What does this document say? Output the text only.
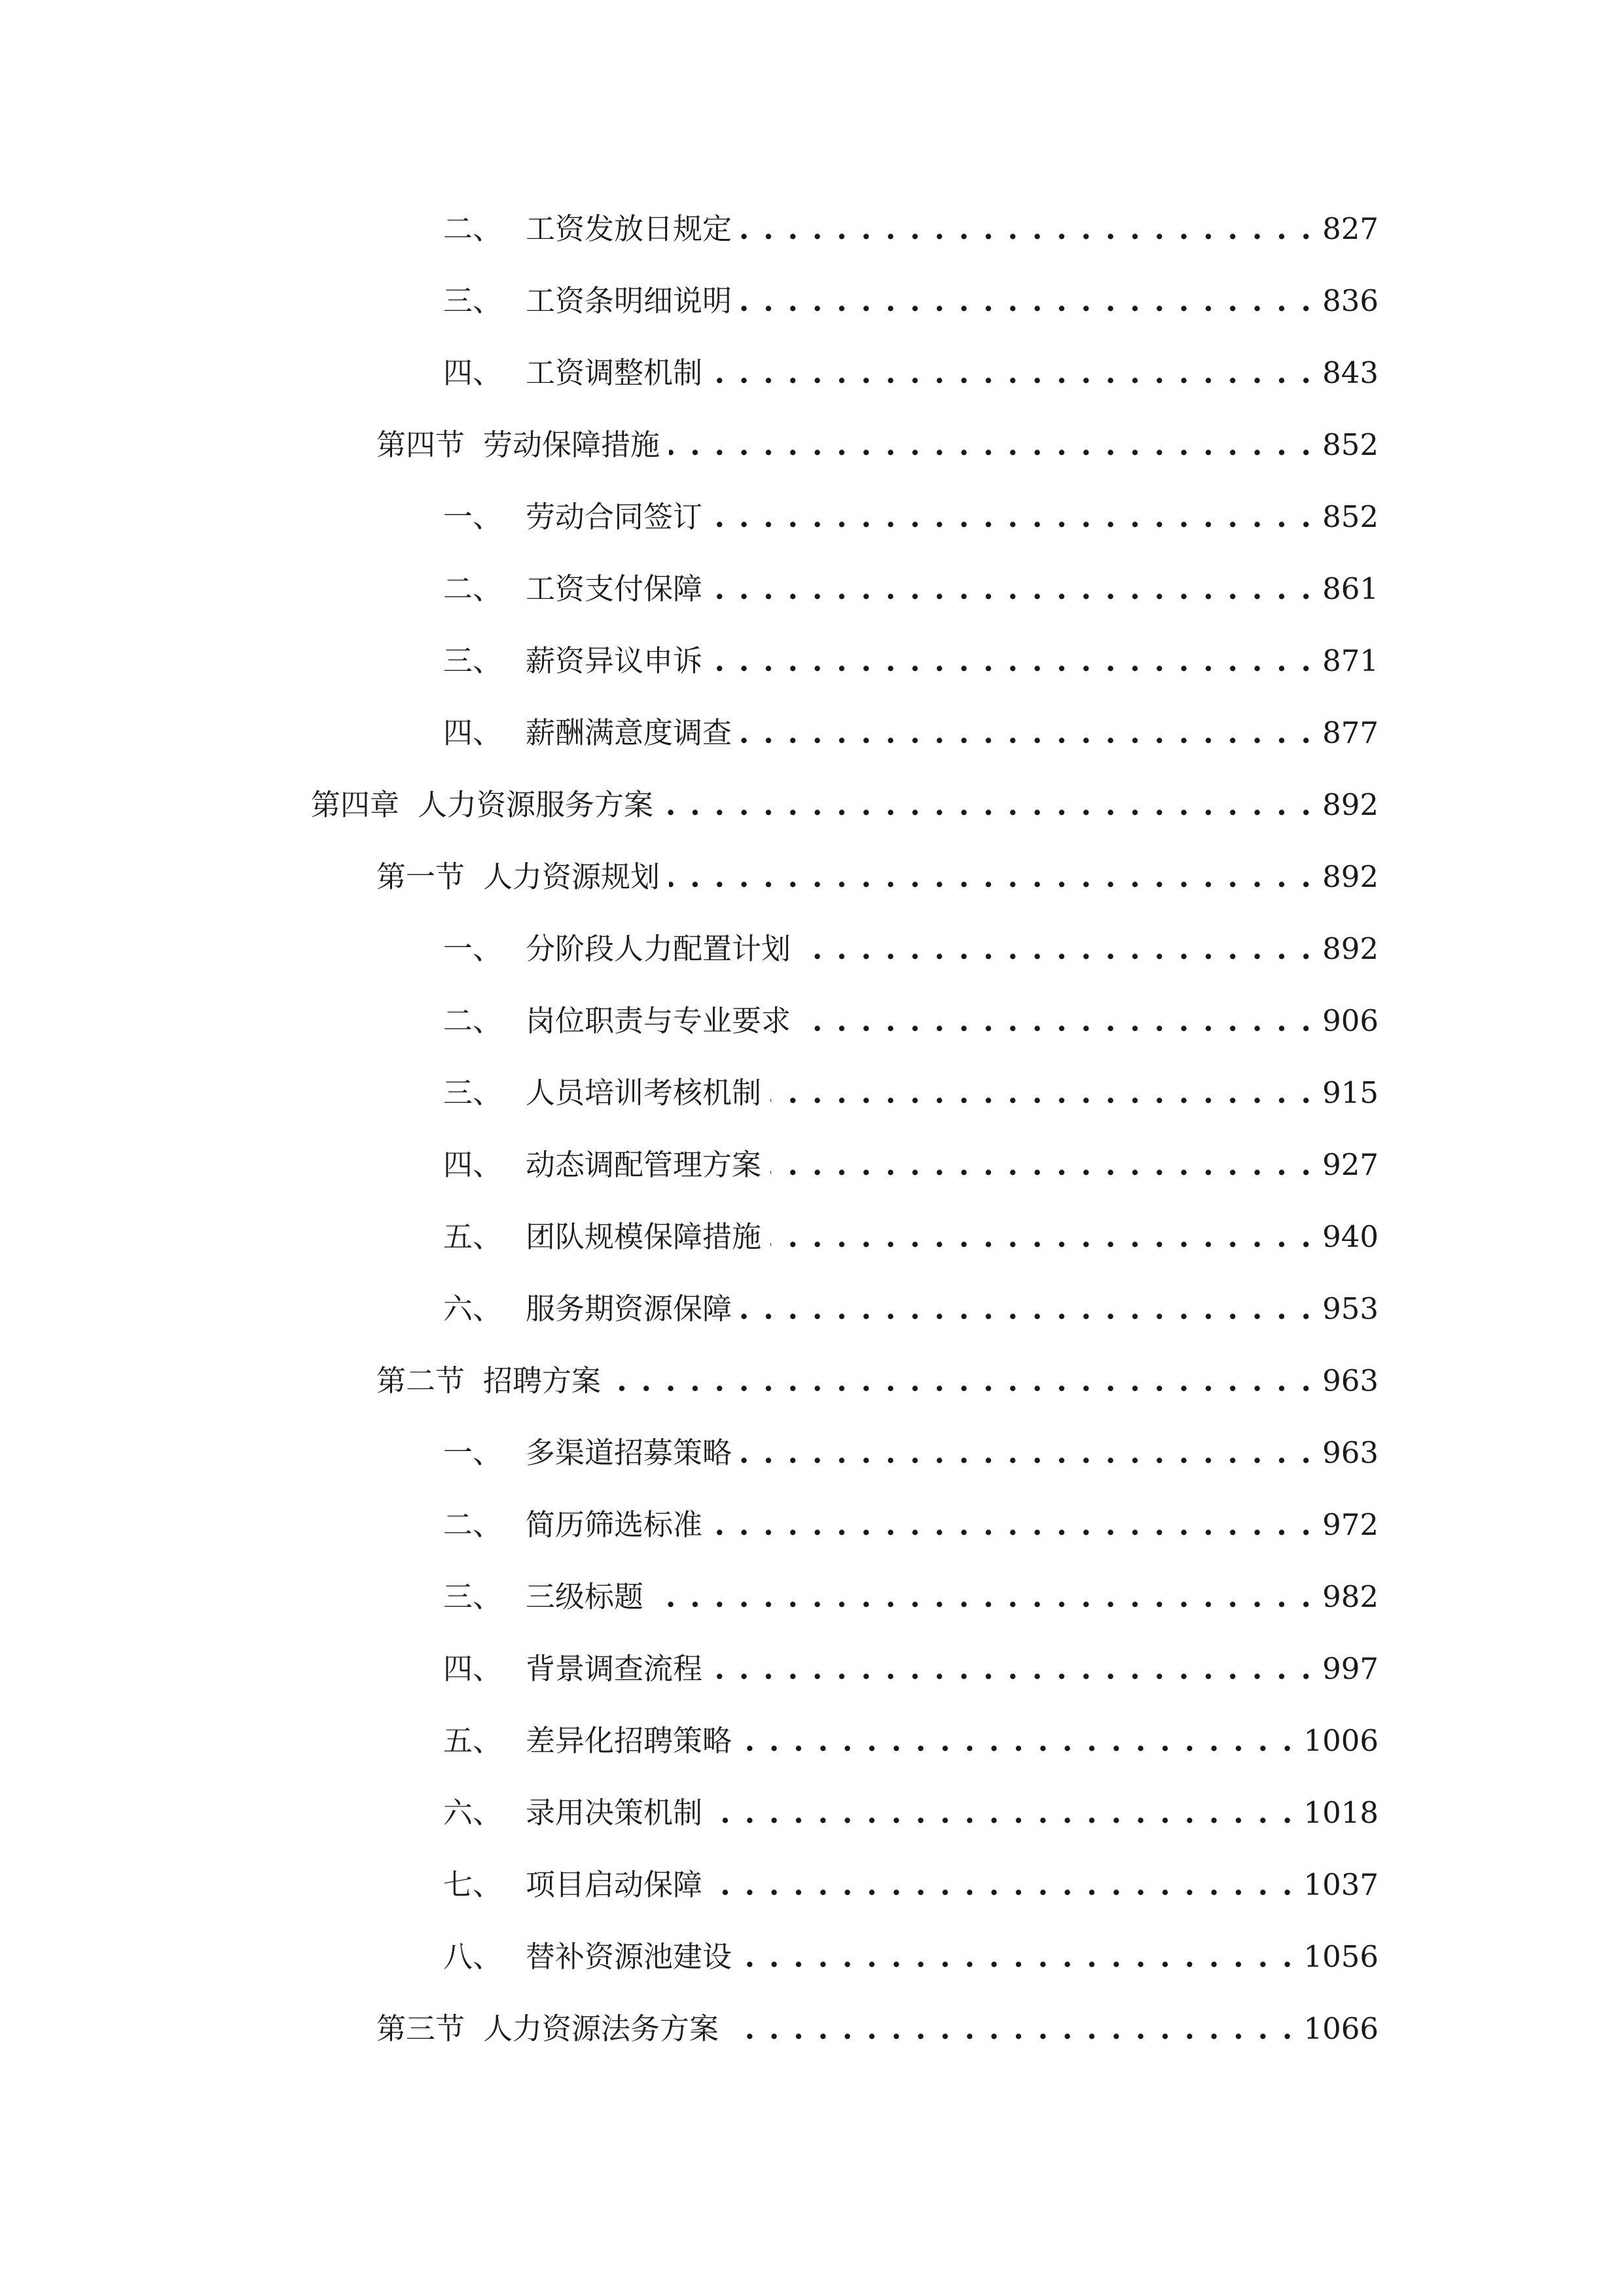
二、 工资发放日规定 . . .	827
三、 工资条明细说明 . . .	836
四、 工资调整机制 . . .	843
第四节 劳动保障措施 . . .	852
一、 劳动合同签订 . . .	852
二、 工资支付保障 . . .	861
三、 薪资异议申诉 . . .	871
四、 薪酬满意度调查 . . .	877
第四章 人力资源服务方案 . . .	892
第一节 人力资源规划 . . .	892
一、 分阶段人力配置计划 . . .	892
二、 岗位职责与专业要求 . . .	906
三、 人员培训考核机制 . . .	915
四、 动态调配管理方案 . . .	927
五、 团队规模保障措施 . . .	940
六、 服务期资源保障 . . .	953
第二节 招聘方案 . . .	963
一、 多渠道招募策略 . . .	963
二、 简历筛选标准 . . .	972
三、 三级标题 . . .	982
四、 背景调查流程 . . .	997
五、 差异化招聘策略 . . .	1006
六、 录用决策机制 . . .	1018
七、 项目启动保障 . . .	1037
八、 替补资源池建设 . . .	1056
第三节 人力资源法务方案 . . .	1066
